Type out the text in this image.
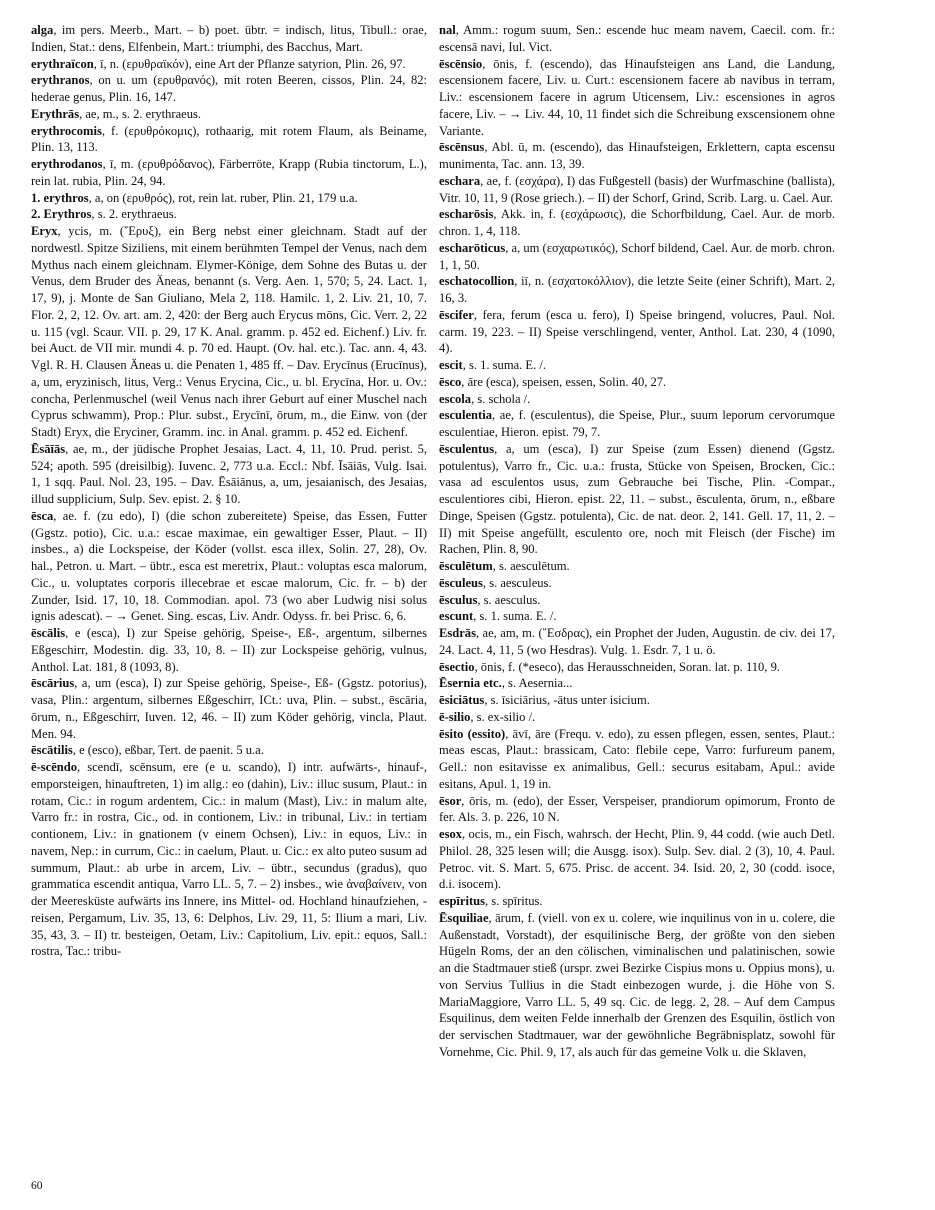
alga, im pers. Meerb., Mart. – b) poet. übtr. = indisch, litus, Tibull.: orae, Indien, Stat.: dens, Elfenbein, Mart.: triumphi, des Bacchus, Mart.

erythraïcon, ī, n. (ερυθραϊκόν), eine Art der Pflanze satyrion, Plin. 26, 97.

erythranos, on u. um (ερυθρανός), mit roten Beeren, cissos, Plin. 24, 82: hederae genus, Plin. 16, 147.

Erythrās, ae, m., s. 2. erythraeus.

erythrocomis, f. (ερυθρόκομις), rothaarig, mit rotem Flaum, als Beiname, Plin. 13, 113.

erythrodanos, ī, m. (ερυθρόδανος), Färberröte, Krapp (Rubia tinctorum, L.), rein lat. rubia, Plin. 24, 94.

1. erythros, a, on (ερυθρός), rot, rein lat. ruber, Plin. 21, 179 u.a.

2. Erythros, s. 2. erythraeus.

Eryx, ycis, m. (῎Ερυξ), ein Berg nebst einer gleichnam. Stadt auf der nordwestl. Spitze Siziliens, mit einem berühmten Tempel der Venus, nach dem Mythus nach einem gleichnam. Elymer-Könige, dem Sohne des Butas u. der Venus, dem Bruder des Äneas, benannt (s. Verg. Aen. 1, 570; 5, 24. Lact. 1, 17, 9), j. Monte de San Giuliano, Mela 2, 118. Hamilc. 1, 2. Liv. 21, 10, 7. Flor. 2, 2, 12. Ov. art. am. 2, 420: der Berg auch Erycus mōns, Cic. Verr. 2, 22 u. 115 (vgl. Scaur. VII. p. 29, 17 K. Anal. gramm. p. 452 ed. Eichenf.) Liv. fr. bei Auct. de VII mir. mundi 4. p. 70 ed. Haupt. (Ov. hal. etc.). Tac. ann. 4, 43. Vgl. R. H. Clausen Äneas u. die Penaten 1, 485 ff. – Dav. Erycīnus (Erucīnus), a, um, eryzinisch, litus, Verg.: Venus Erycina, Cic., u. bl. Erycīna, Hor. u. Ov.: concha, Perlenmuschel (weil Venus nach ihrer Geburt auf einer Muschel nach Cyprus schwamm), Prop.: Plur. subst., Erycīnī, ōrum, m., die Einw. von (der Stadt) Eryx, die Eryciner, Gramm. inc. in Anal. gramm. p. 452 ed. Eichenf.

Ēsāīās, ae, m., der jüdische Prophet Jesaias, Lact. 4, 11, 10. Prud. perist. 5, 524; apoth. 595 (dreisilbig). Iuvenc. 2, 773 u.a. Eccl.: Nbf. Īsāiās, Vulg. Isai. 1, 1 sqq. Paul. Nol. 23, 195. – Dav. Ēsāiānus, a, um, jesaianisch, des Jesaias, illud supplicium, Sulp. Sev. epist. 2. § 10.

ēsca, ae. f. (zu edo), I) (die schon zubereitete) Speise, das Essen, Futter (Ggstz. potio), Cic. u.a.: escae maximae, ein gewaltiger Esser, Plaut. – II) insbes., a) die Lockspeise, der Köder (vollst. esca illex, Solin. 27, 28), Ov. hal., Petron. u. Mart. – übtr., esca est meretrix, Plaut.: voluptas esca malorum, Cic., u. voluptates corporis illecebrae et escae malorum, Cic. fr. – b) der Zunder, Isid. 17, 10, 18. Commodian. apol. 73 (wo aber Ludwig nisi solus ignis adescat). – → Genet. Sing. escas, Liv. Andr. Odyss. fr. bei Prisc. 6, 6.

ēscālis, e (esca), I) zur Speise gehörig, Speise-, Eß-, argentum, silbernes Eßgeschirr, Modestin. dig. 33, 10, 8. – II) zur Lockspeise gehörig, vulnus, Anthol. Lat. 181, 8 (1093, 8).

ēscārius, a, um (esca), I) zur Speise gehörig, Speise-, Eß- (Ggstz. potorius), vasa, Plin.: argentum, silbernes Eßgeschirr, ICt.: uva, Plin. – subst., ēscāria, ōrum, n., Eßgeschirr, Iuven. 12, 46. – II) zum Köder gehörig, vincla, Plaut. Men. 94.

ēscātilis, e (esco), eßbar, Tert. de paenit. 5 u.a.

ē-scēndo, scendī, scēnsum, ere (e u. scando), I) intr. aufwärts-, hinauf-, emporsteigen, hinauftreten, 1) im allg.: eo (dahin), Liv.: illuc susum, Plaut.: in rotam, Cic.: in rogum ardentem, Cic.: in malum (Mast), Liv.: in malum alte, Varro fr.: in rostra, Cic., od. in contionem, Liv.: in tribunal, Liv.: in tertiam contionem, Liv.: in gnationem (v einem Ochsen), Liv.: in equos, Liv.: in navem, Nep.: in currum, Cic.: in caelum, Plaut. u. Cic.: ex alto puteo susum ad summum, Plaut.: ab urbe in arcem, Liv. – übtr., secundus (gradus), quo grammatica escendit antiqua, Varro LL. 5, 7. – 2) insbes., wie ἀναβαίνειν, von der Meeresküste aufwärts ins Innere, ins Mittel- od. Hochland hinaufziehen, -reisen, Pergamum, Liv. 35, 13, 6: Delphos, Liv. 29, 11, 5: Ilium a mari, Liv. 35, 43, 3. – II) tr. besteigen, Oetam, Liv.: Capitolium, Liv. epit.: equos, Sall.: rostra, Tac.: tribu-

nal, Amm.: rogum suum, Sen.: escende huc meam navem, Caecil. com. fr.: escensā navi, Iul. Vict.

ēscēnsio, ōnis, f. (escendo), das Hinaufsteigen ans Land, die Landung, escensionem facere, Liv. u. Curt.: escensionem facere ab navibus in terram, Liv.: escensionem facere in agrum Uticensem, Liv.: escensiones in agros facere, Liv. – → Liv. 44, 10, 11 findet sich die Schreibung exscensionem ohne Variante.

ēscēnsus, Abl. ū, m. (escendo), das Hinaufsteigen, Erklettern, capta escensu munimenta, Tac. ann. 13, 39.

eschara, ae, f. (εσχάρα), I) das Fußgestell (basis) der Wurfmaschine (ballista), Vitr. 10, 11, 9 (Rose griech.). – II) der Schorf, Grind, Scrib. Larg. u. Cael. Aur.

escharōsis, Akk. in, f. (εσχάρωσις), die Schorfbildung, Cael. Aur. de morb. chron. 1, 4, 118.

escharōticus, a, um (εσχαρωτικός), Schorf bildend, Cael. Aur. de morb. chron. 1, 1, 50.

eschatocollion, iī, n. (εσχατοκόλλιον), die letzte Seite (einer Schrift), Mart. 2, 16, 3.

ēscifer, fera, ferum (esca u. fero), I) Speise bringend, volucres, Paul. Nol. carm. 19, 223. – II) Speise verschlingend, venter, Anthol. Lat. 230, 4 (1090, 4).

escit, s. 1. suma. E. /.

ēsco, āre (esca), speisen, essen, Solin. 40, 27.

escola, s. schola /.

esculentia, ae, f. (esculentus), die Speise, Plur., suum leporum cervorumque esculentiae, Hieron. epist. 79, 7.

ēsculentus, a, um (esca), I) zur Speise (zum Essen) dienend (Ggstz. potulentus), Varro fr., Cic. u.a.: frusta, Stücke von Speisen, Brocken, Cic.: vasa ad esculentos usus, zum Gebrauche bei Tische, Plin. -Compar., esculentiores cibi, Hieron. epist. 22, 11. – subst., ēsculenta, ōrum, n., eßbare Dinge, Speisen (Ggstz. potulenta), Cic. de nat. deor. 2, 141. Gell. 17, 11, 2. – II) mit Speise angefüllt, esculento ore, noch mit Fleisch (der Fische) im Rachen, Plin. 8, 90.

ēsculētum, s. aesculētum.

ēsculeus, s. aesculeus.

ēsculus, s. aesculus.

escunt, s. 1. suma. E. /.

Esdrās, ae, am, m. (῎Εσδρας), ein Prophet der Juden, Augustin. de civ. dei 17, 24. Lact. 4, 11, 5 (wo Hesdras). Vulg. 1. Esdr. 7, 1 u. ö.

ēsectio, ōnis, f. (*eseco), das Herausschneiden, Soran. lat. p. 110, 9.

Ēsernia etc., s. Aesernia...

ēsiciātus, s. īsiciārius, -ātus unter isicium.

ē-silio, s. ex-silio /.

ēsito (essito), āvī, āre (Frequ. v. edo), zu essen pflegen, essen, sentes, Plaut.: meas escas, Plaut.: brassicam, Cato: flebile cepe, Varro: furfureum panem, Gell.: non esitavisse ex animalibus, Gell.: securus esitabam, Apul.: avide esitans, Apul. 1, 19 in.

ēsor, ōris, m. (edo), der Esser, Verspeiser, prandiorum opimorum, Fronto de fer. Als. 3. p. 226, 10 N.

esox, ocis, m., ein Fisch, wahrsch. der Hecht, Plin. 9, 44 codd. (wie auch Detl. Philol. 28, 325 lesen will; die Ausgg. isox). Sulp. Sev. dial. 2 (3), 10, 4. Paul. Petroc. vit. S. Mart. 5, 675. Prisc. de accent. 34. Isid. 20, 2, 30 (codd. isoce, d.i. isocem).

espīritus, s. spīritus.

Ēsquiliae, ārum, f. (viell. von ex u. colere, wie inquilinus von in u. colere, die Außenstadt, Vorstadt), der esquilinische Berg, der größte von den sieben Hügeln Roms, der an den cölischen, viminalischen und palatinischen, sowie an die Stadtmauer stieß (urspr. zwei Bezirke Cispius mons u. Oppius mons), u. von Servius Tullius in die Stadt einbezogen wurde, j. die Höhe von S. MariaMaggiore, Varro LL. 5, 49 sq. Cic. de legg. 2, 28. – Auf dem Campus Esquilinus, dem weiten Felde innerhalb der Grenzen des Esquilin, östlich von der servischen Stadtmauer, war der gewöhnliche Begräbnisplatz, sowohl für Vornehme, Cic. Phil. 9, 17, als auch für das gemeine Volk u. die Sklaven,

60
